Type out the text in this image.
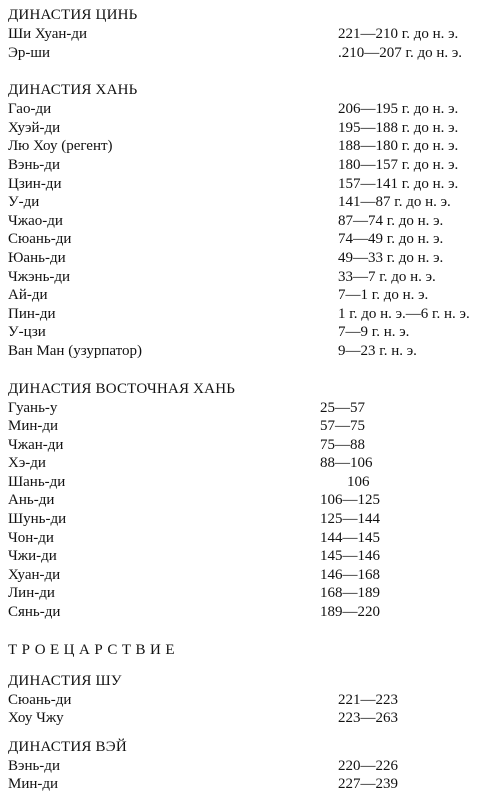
ДИНАСТИЯ ЦИНЬ
Ши Хуан-ди	221—210 г. до н. э.
Эр-ши	.210—207 г. до н. э.
ДИНАСТИЯ ХАНЬ
Гао-ди	206—195 г. до н. э.
Хуэй-ди	195—188 г. до н. э.
Лю Хоу (регент)	188—180 г. до н. э.
Вэнь-ди	180—157 г. до н. э.
Цзин-ди	157—141 г. до н. э.
У-ди	141—87 г. до н. э.
Чжао-ди	87—74 г. до н. э.
Сюань-ди	74—49 г. до н. э.
Юань-ди	49—33 г. до н. э.
Чжэнь-ди	33—7 г. до н. э.
Ай-ди	7—1 г. до н. э.
Пин-ди	1 г. до н. э.—6 г. н. э.
У-цзи	7—9 г. н. э.
Ван Ман (узурпатор)	9—23 г. н. э.
ДИНАСТИЯ ВОСТОЧНАЯ ХАНЬ
Гуань-у	25—57
Мин-ди	57—75
Чжан-ди	75—88
Хэ-ди	88—106
Шань-ди	106
Ань-ди	106—125
Шунь-ди	125—144
Чон-ди	144—145
Чжи-ди	145—146
Хуан-ди	146—168
Лин-ди	168—189
Сянь-ди	189—220
ТРОЕЦАРСТВИЕ
ДИНАСТИЯ ШУ
Сюань-ди	221—223
Хоу Чжу	223—263
ДИНАСТИЯ ВЭЙ
Вэнь-ди	220—226
Мин-ди	227—239
